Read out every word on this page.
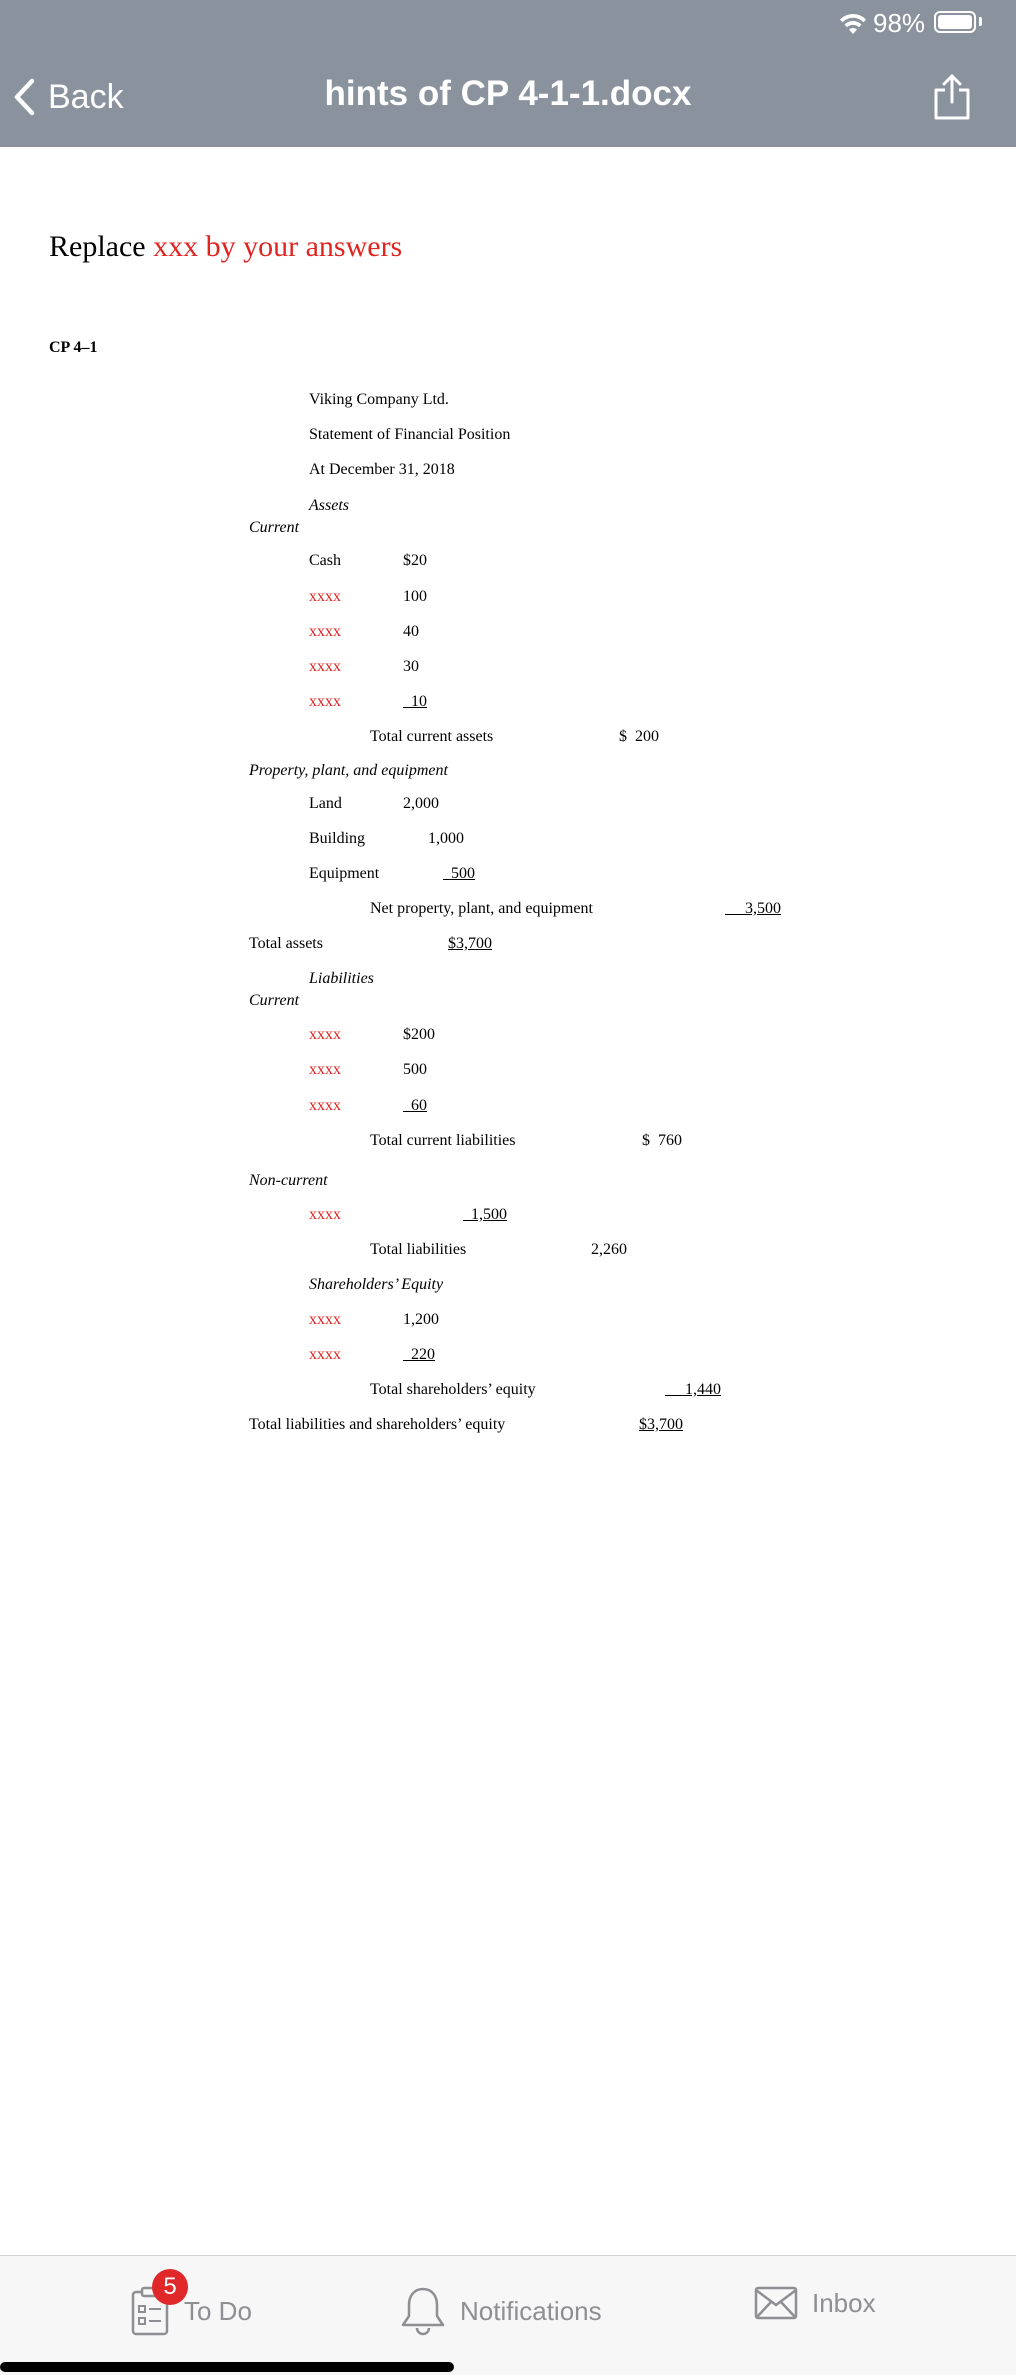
98%
Back	hints of CP 4-1-1.docx
Replace xxx by your answers
CP 4–1
Viking Company Ltd.
Statement of Financial Position
At December 31, 2018
Assets
Current
Cash	$20
xxxx	100
xxxx	40
xxxx	30
xxxx	10
Total current assets	$  200
Property, plant, and equipment
Land	2,000
Building	1,000
Equipment	500
Net property, plant, and equipment	3,500
Total assets	$3,700
Liabilities
Current
xxxx	$200
xxxx	500
xxxx	60
Total current liabilities	$  760
Non-current
xxxx	1,500
Total liabilities	2,260
Shareholders’ Equity
xxxx	1,200
xxxx	220
Total shareholders’ equity	1,440
Total liabilities and shareholders’ equity	$3,700
To Do
5
Notifications	Inbox
